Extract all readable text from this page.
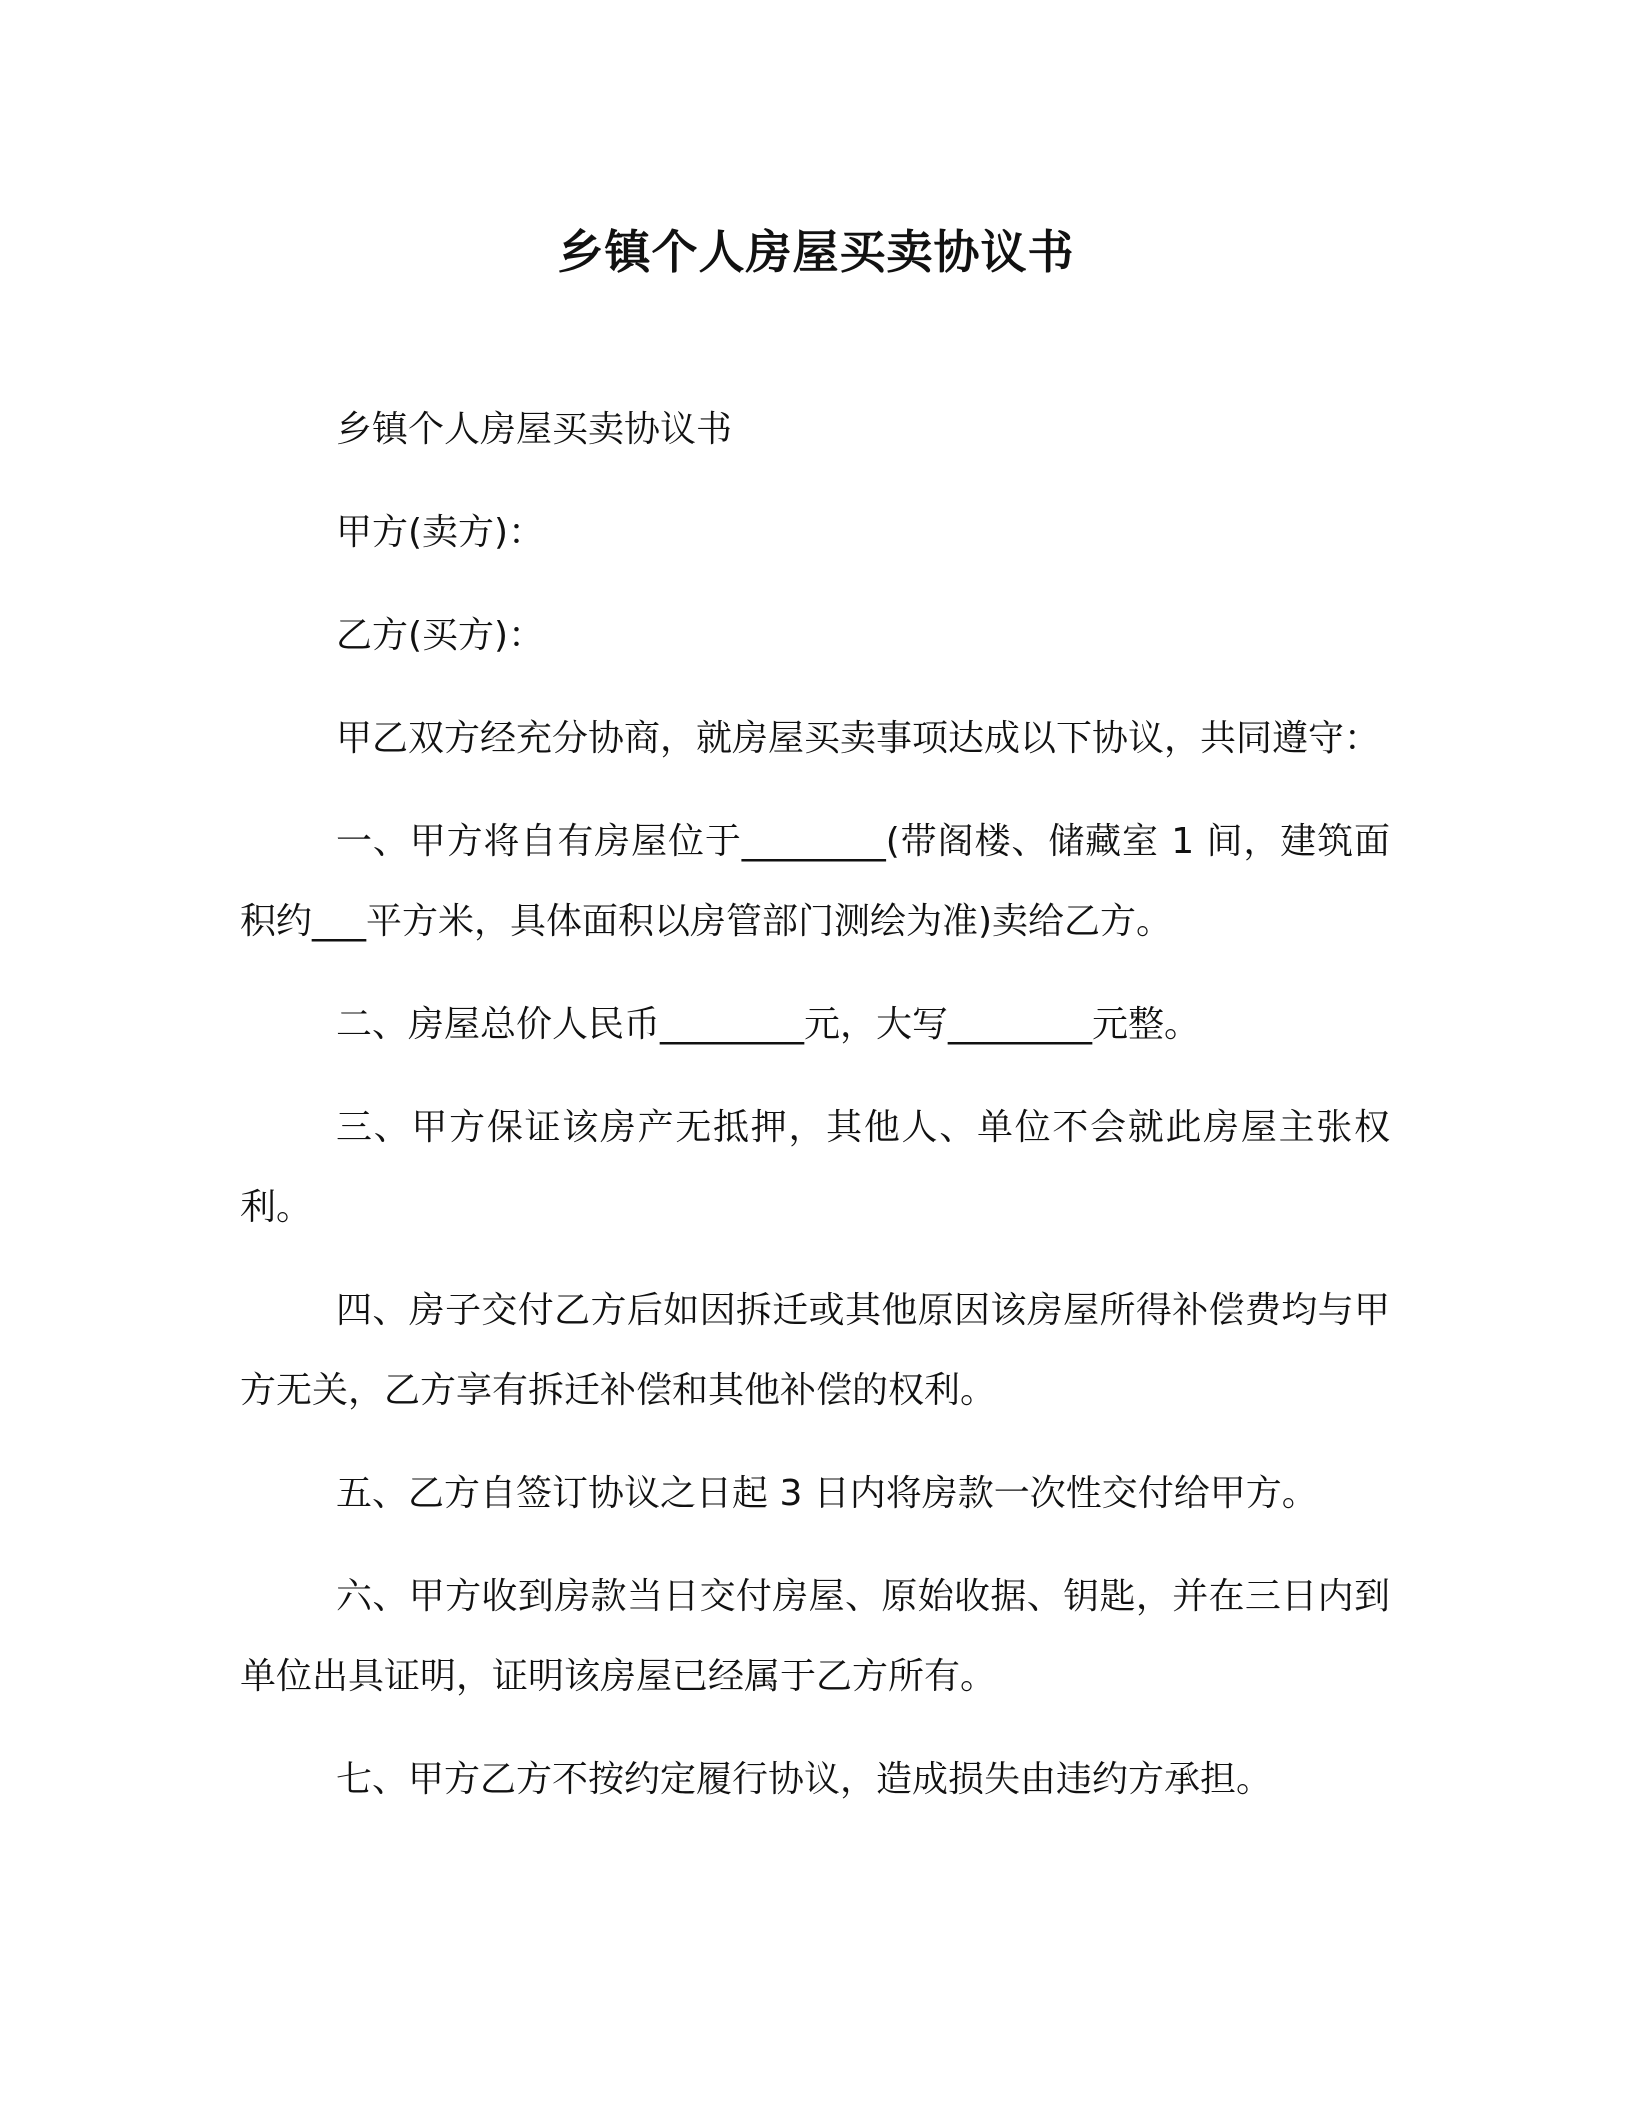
乡镇个人房屋买卖协议书

乡镇个人房屋买卖协议书

甲方(卖方)：

乙方(买方)：

甲乙双方经充分协商，就房屋买卖事项达成以下协议，共同遵守：

一、甲方将自有房屋位于________(带阁楼、储藏室 1 间，建筑面积约___平方米，具体面积以房管部门测绘为准)卖给乙方。

二、房屋总价人民币________元，大写________元整。

三、甲方保证该房产无抵押，其他人、单位不会就此房屋主张权利。

四、房子交付乙方后如因拆迁或其他原因该房屋所得补偿费均与甲方无关，乙方享有拆迁补偿和其他补偿的权利。

五、乙方自签订协议之日起 3 日内将房款一次性交付给甲方。

六、甲方收到房款当日交付房屋、原始收据、钥匙，并在三日内到单位出具证明，证明该房屋已经属于乙方所有。

七、甲方乙方不按约定履行协议，造成损失由违约方承担。
